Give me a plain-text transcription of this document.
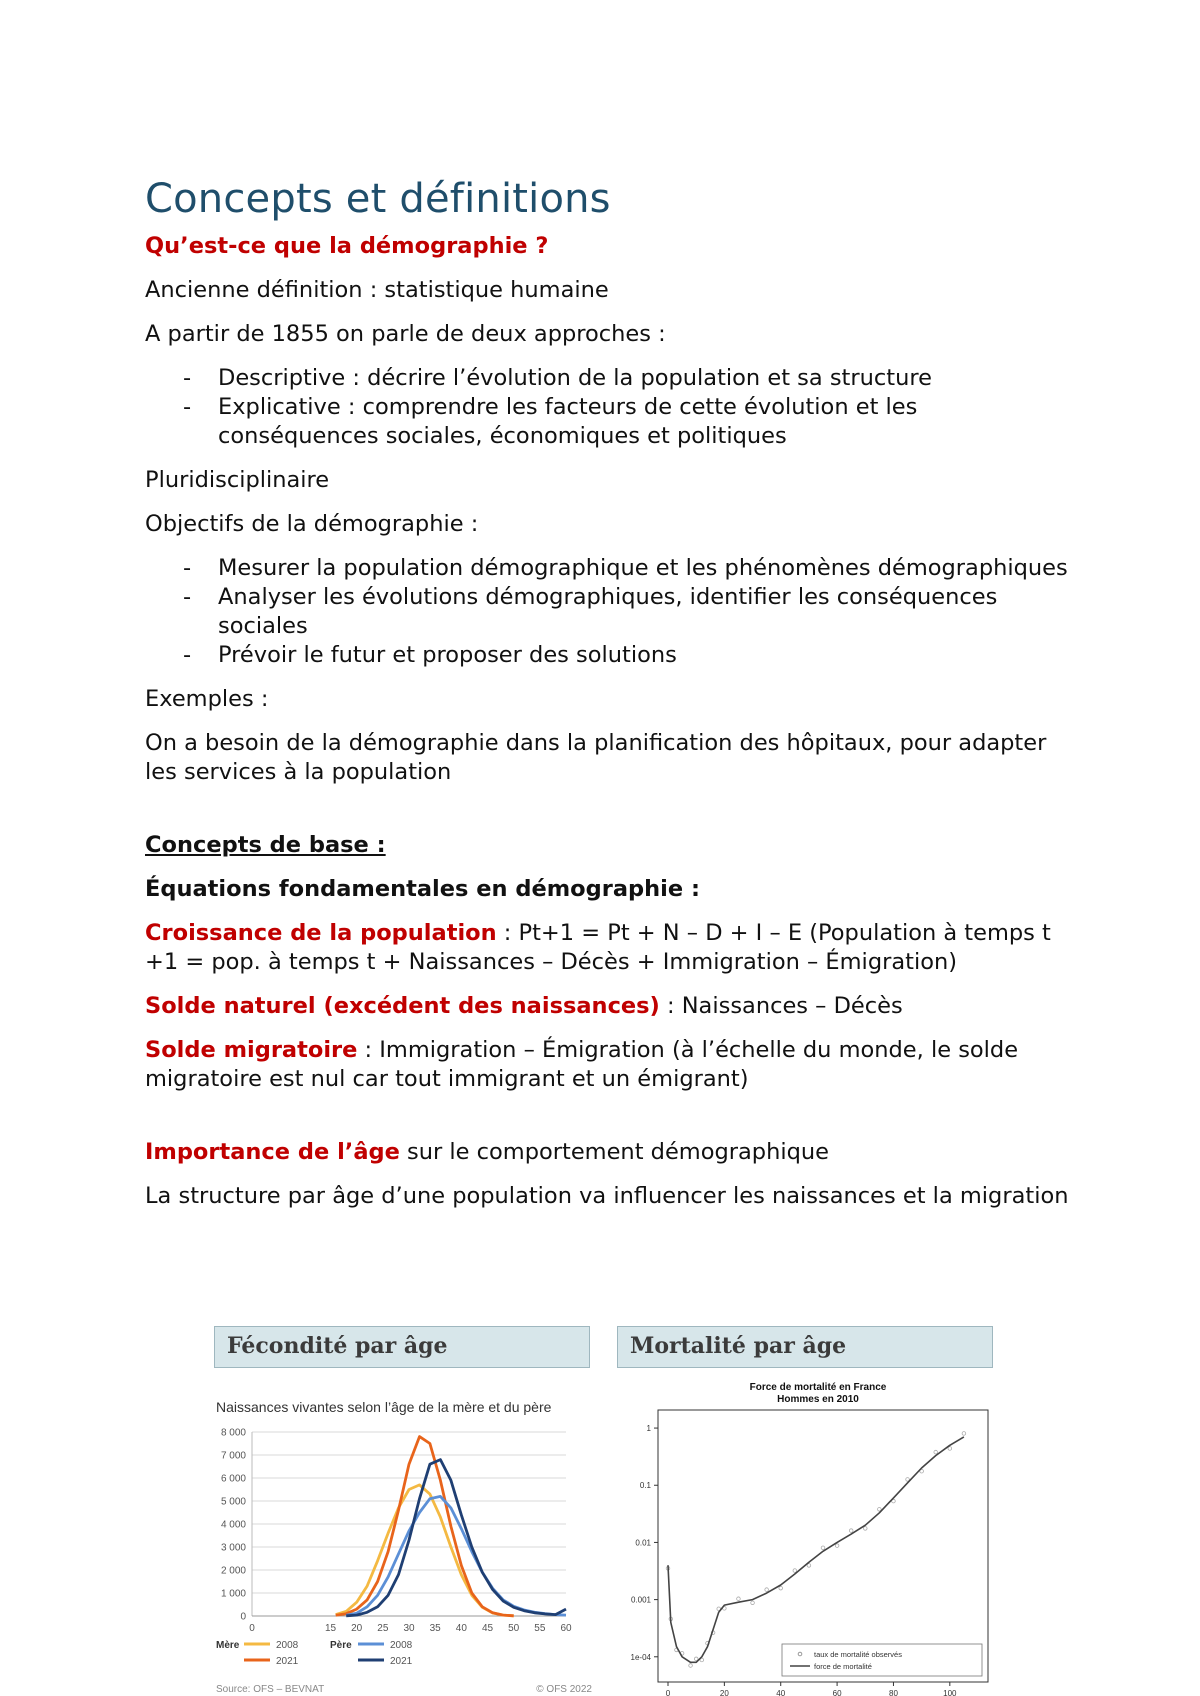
Concepts et définitions

Qu’est-ce que la démographie ?

Ancienne définition : statistique humaine

A partir de 1855 on parle de deux approches :

- Descriptive : décrire l’évolution de la population et sa structure
- Explicative : comprendre les facteurs de cette évolution et les conséquences sociales, économiques et politiques

Pluridisciplinaire

Objectifs de la démographie :

- Mesurer la population démographique et les phénomènes démographiques
- Analyser les évolutions démographiques, identifier les conséquences sociales
- Prévoir le futur et proposer des solutions

Exemples :

On a besoin de la démographie dans la planification des hôpitaux, pour adapter les services à la population

Concepts de base :

Équations fondamentales en démographie :

Croissance de la population : Pt+1 = Pt + N – D + I – E (Population à temps t +1 = pop. à temps t + Naissances – Décès + Immigration – Émigration)

Solde naturel (excédent des naissances) : Naissances – Décès

Solde migratoire : Immigration – Émigration (à l’échelle du monde, le solde migratoire est nul car tout immigrant et un émigrant)

Importance de l’âge sur le comportement démographique

La structure par âge d’une population va influencer les naissances et la migration

Fécondité par âge
Naissances vivantes selon l’âge de la mère et du père
0
1 000
2 000
3 000
4 000
5 000
6 000
7 000
8 000
0	15 20 25 30 35 40 45 50 55 60
Mère	Père
2008
2021
2008
2021
Source: OFS – BEVNAT	© OFS 2022
Mortalité par âge
Force de mortalité en France
Hommes en 2010
1e-04
0.001
0.01
0.1
1
0	20	40	60	80	100
taux de mortalité observés
force de mortalité
